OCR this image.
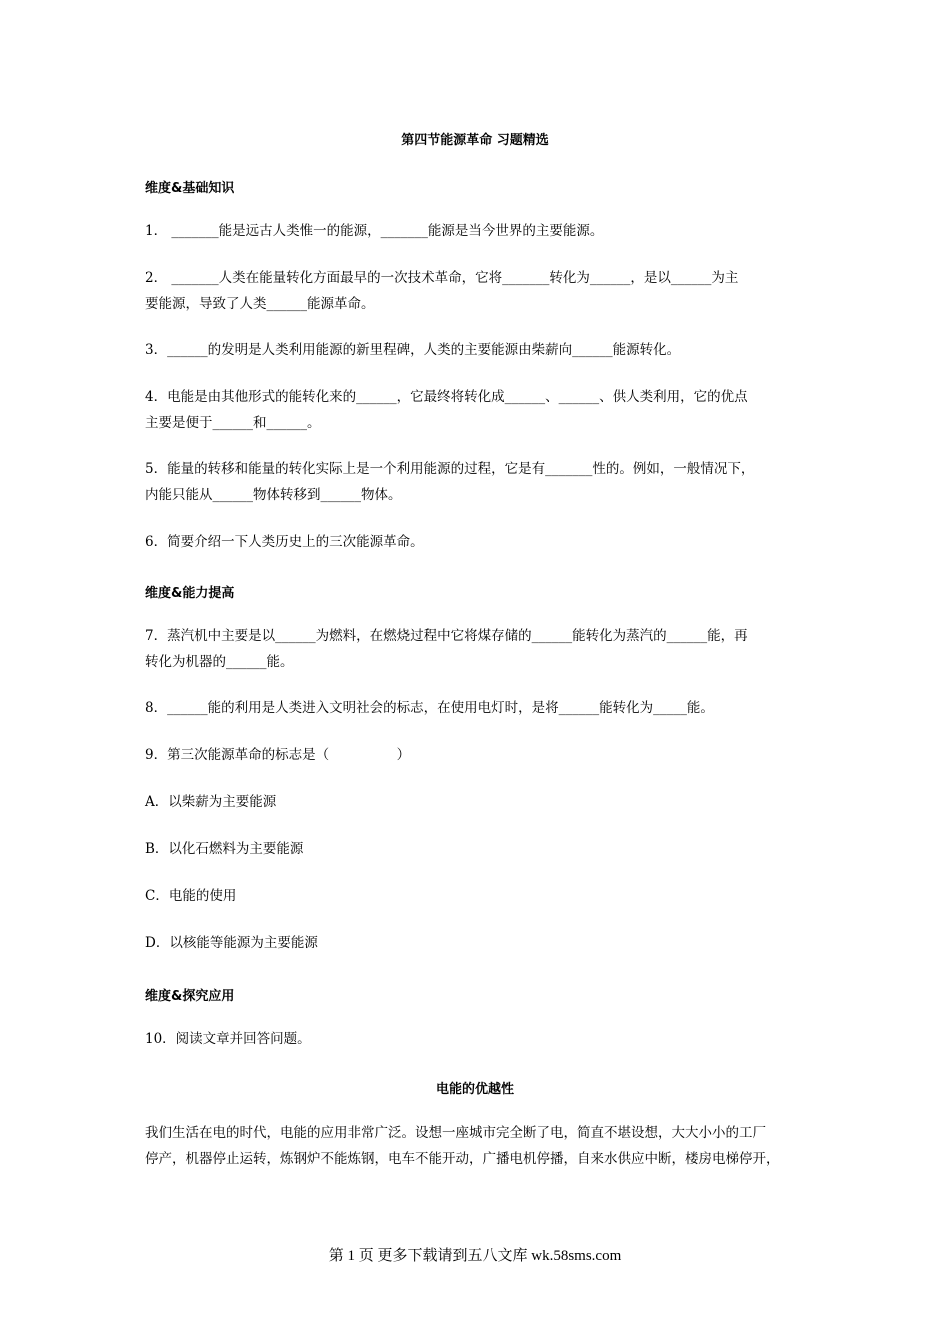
第四节能源革命 习题精选
维度&基础知识
1． _______能是远古人类惟一的能源，_______能源是当今世界的主要能源。
2． _______人类在能量转化方面最早的一次技术革命，它将_______转化为______，是以______为主
要能源，导致了人类______能源革命。
3．______的发明是人类利用能源的新里程碑，人类的主要能源由柴薪向______能源转化。
4．电能是由其他形式的能转化来的______，它最终将转化成______、______、供人类利用，它的优点
主要是便于______和______。
5．能量的转移和能量的转化实际上是一个利用能源的过程，它是有_______性的。例如，一般情况下，
内能只能从______物体转移到______物体。
6．简要介绍一下人类历史上的三次能源革命。
维度&能力提高
7．蒸汽机中主要是以______为燃料，在燃烧过程中它将煤存储的______能转化为蒸汽的______能，再
转化为机器的______能。
8．______能的利用是人类进入文明社会的标志，在使用电灯时，是将______能转化为_____能。
9．第三次能源革命的标志是（　　　　　）
A．以柴薪为主要能源
B．以化石燃料为主要能源
C．电能的使用
D．以核能等能源为主要能源
维度&探究应用
10．阅读文章并回答问题。
电能的优越性
我们生活在电的时代，电能的应用非常广泛。设想一座城市完全断了电，简直不堪设想，大大小小的工厂
停产，机器停止运转，炼钢炉不能炼钢，电车不能开动，广播电机停播，自来水供应中断，楼房电梯停开，
第 1 页 更多下载请到五八文库 wk.58sms.com
